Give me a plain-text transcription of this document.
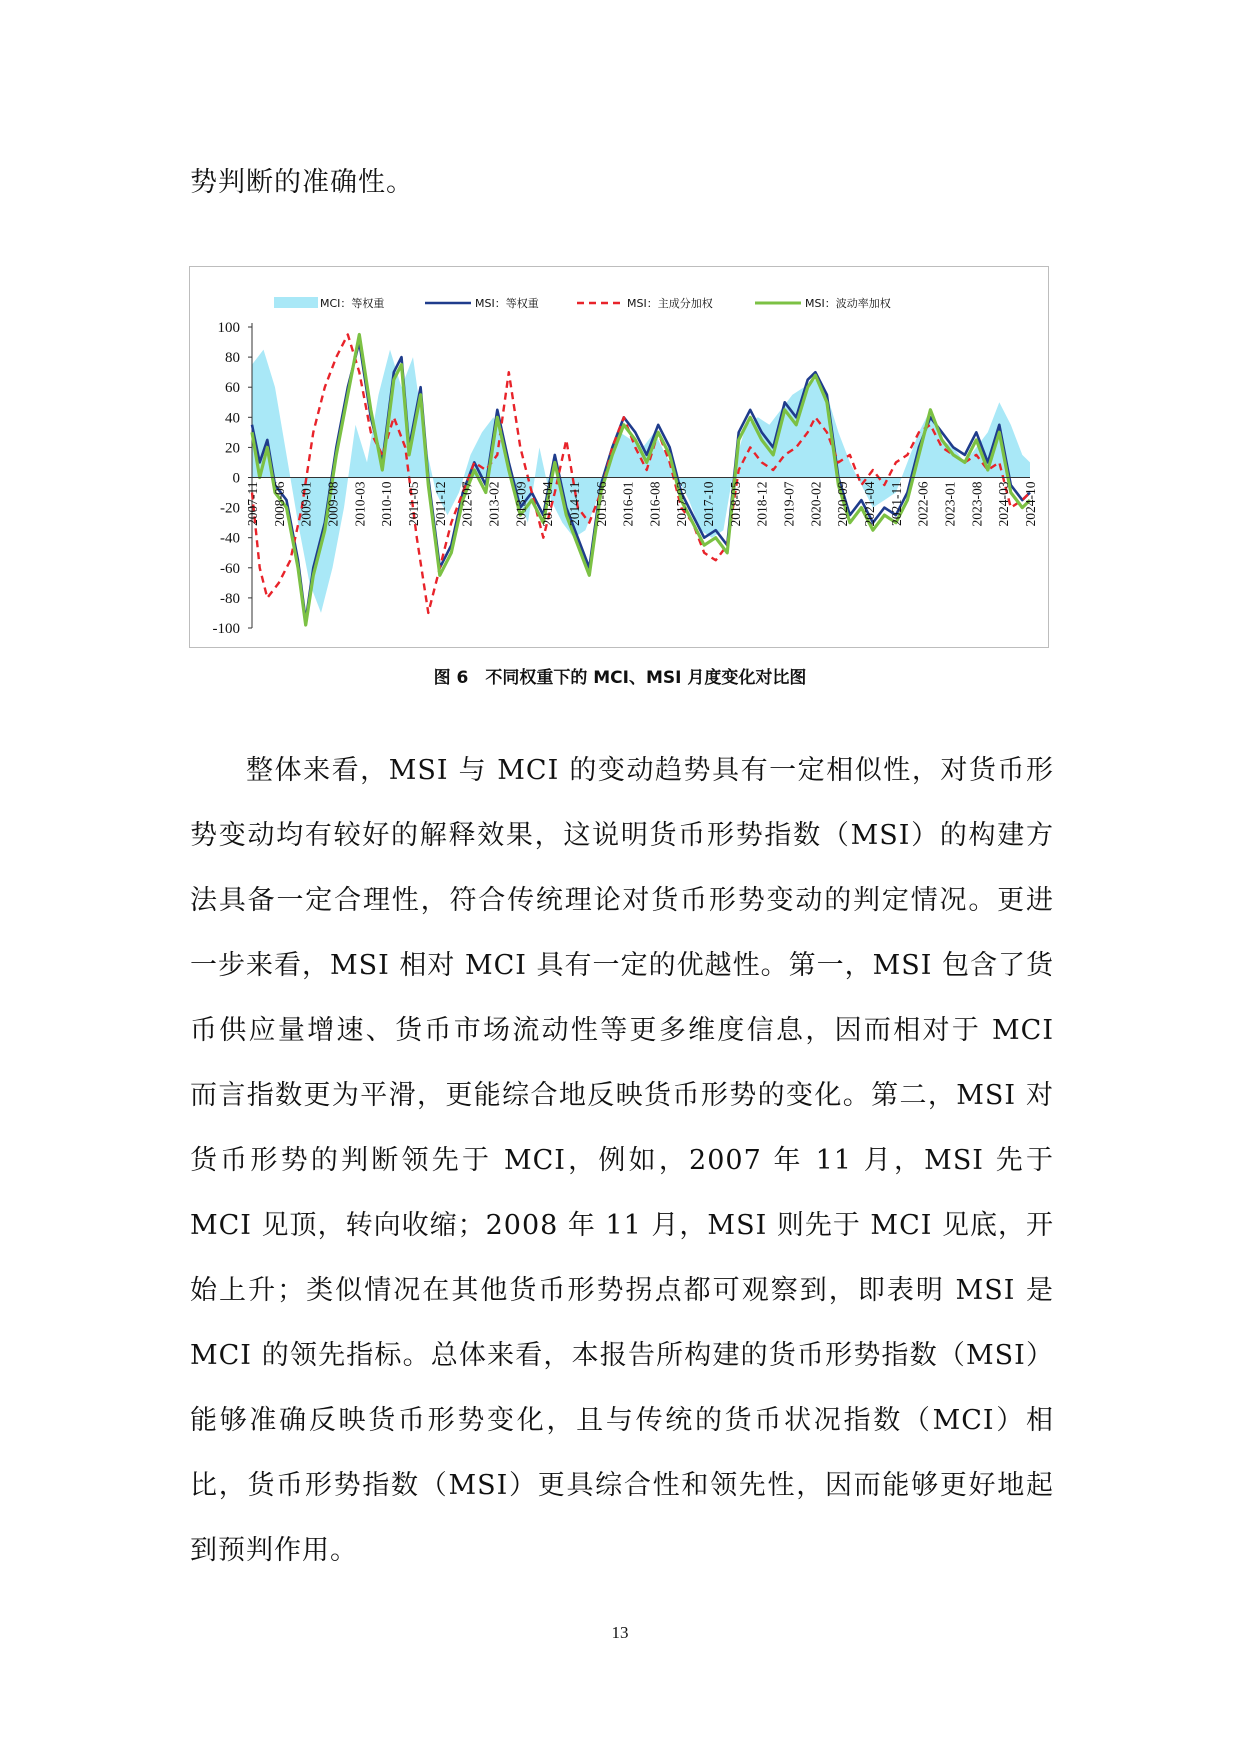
势判断的准确性。
100
80
60
40
20
0
-20
-40
-60
-80
-100
2007-11 2008-06 2009-01 2009-08 2010-03 2010-10 2011-05 2011-12 2012-07 2013-02 2013-09 2014-04 2014-11 2015-06 2016-01 2016-08 2017-03 2017-10 2018-05 2018-12 2019-07 2020-02 2020-09 2021-04 2021-11 2022-06 2023-01 2023-08 2024-03 2024-10
MCI：等权重	MSI：等权重	MSI：主成分加权	MSI：波动率加权
图 6　不同权重下的 MCI、MSI 月度变化对比图
整体来看，MSI 与 MCI 的变动趋势具有一定相似性，对货币形势变动均有较好的解释效果，这说明货币形势指数（MSI）的构建方法具备一定合理性，符合传统理论对货币形势变动的判定情况。更进一步来看，MSI 相对 MCI 具有一定的优越性。第一，MSI 包含了货币供应量增速、货币市场流动性等更多维度信息，因而相对于 MCI 而言指数更为平滑，更能综合地反映货币形势的变化。第二，MSI 对货币形势的判断领先于 MCI，例如，2007 年 11 月，MSI 先于 MCI 见顶，转向收缩；2008 年 11 月，MSI 则先于 MCI 见底，开始上升；类似情况在其他货币形势拐点都可观察到，即表明 MSI 是 MCI 的领先指标。总体来看，本报告所构建的货币形势指数（MSI）能够准确反映货币形势变化，且与传统的货币状况指数（MCI）相比，货币形势指数（MSI）更具综合性和领先性，因而能够更好地起到预判作用。
13
